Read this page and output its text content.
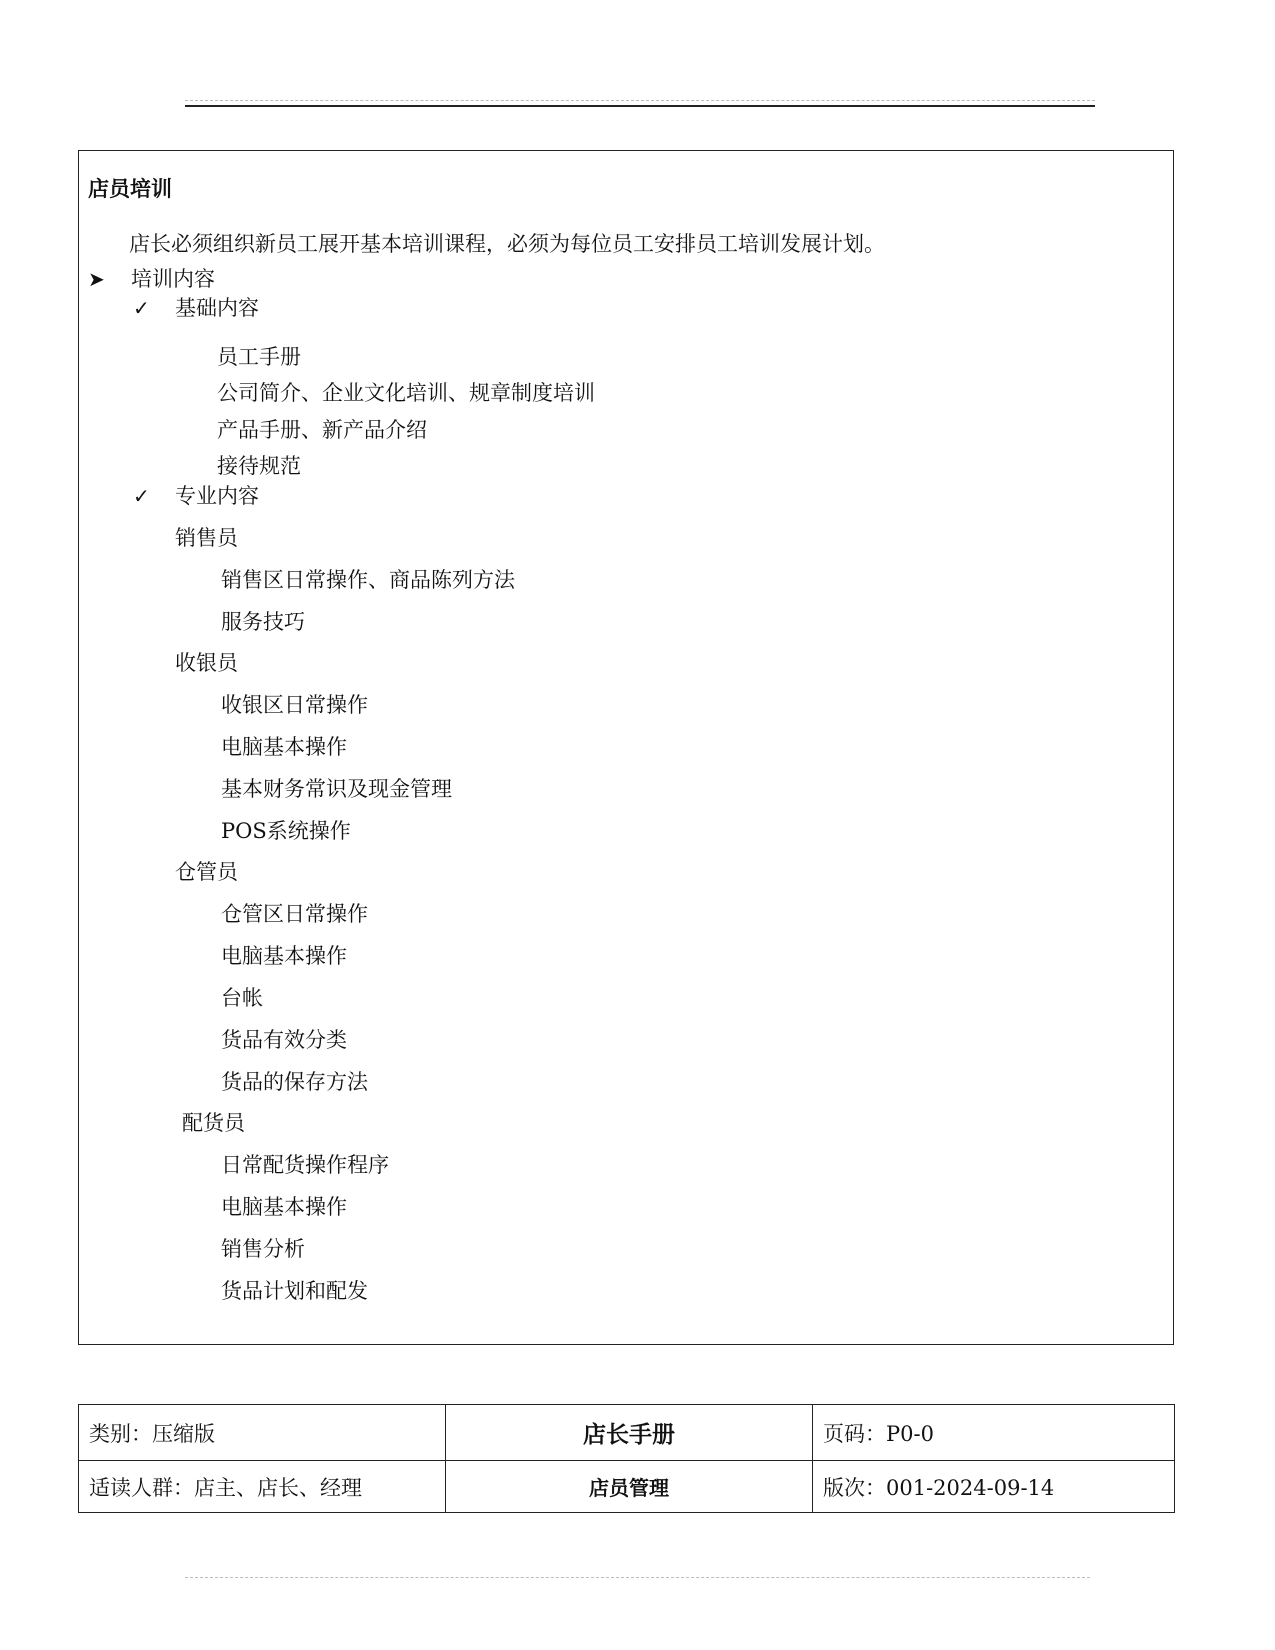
店员培训
店长必须组织新员工展开基本培训课程，必须为每位员工安排员工培训发展计划。
➤ 培训内容
✓ 基础内容
员工手册
公司简介、企业文化培训、规章制度培训
产品手册、新产品介绍
接待规范
✓ 专业内容
销售员
销售区日常操作、商品陈列方法
服务技巧
收银员
收银区日常操作
电脑基本操作
基本财务常识及现金管理
POS系统操作
仓管员
仓管区日常操作
电脑基本操作
台帐
货品有效分类
货品的保存方法
配货员
日常配货操作程序
电脑基本操作
销售分析
货品计划和配发
类别：压缩版	店长手册	页码：P0-0
适读人群：店主、店长、经理	店员管理	版次：001-2024-09-14
